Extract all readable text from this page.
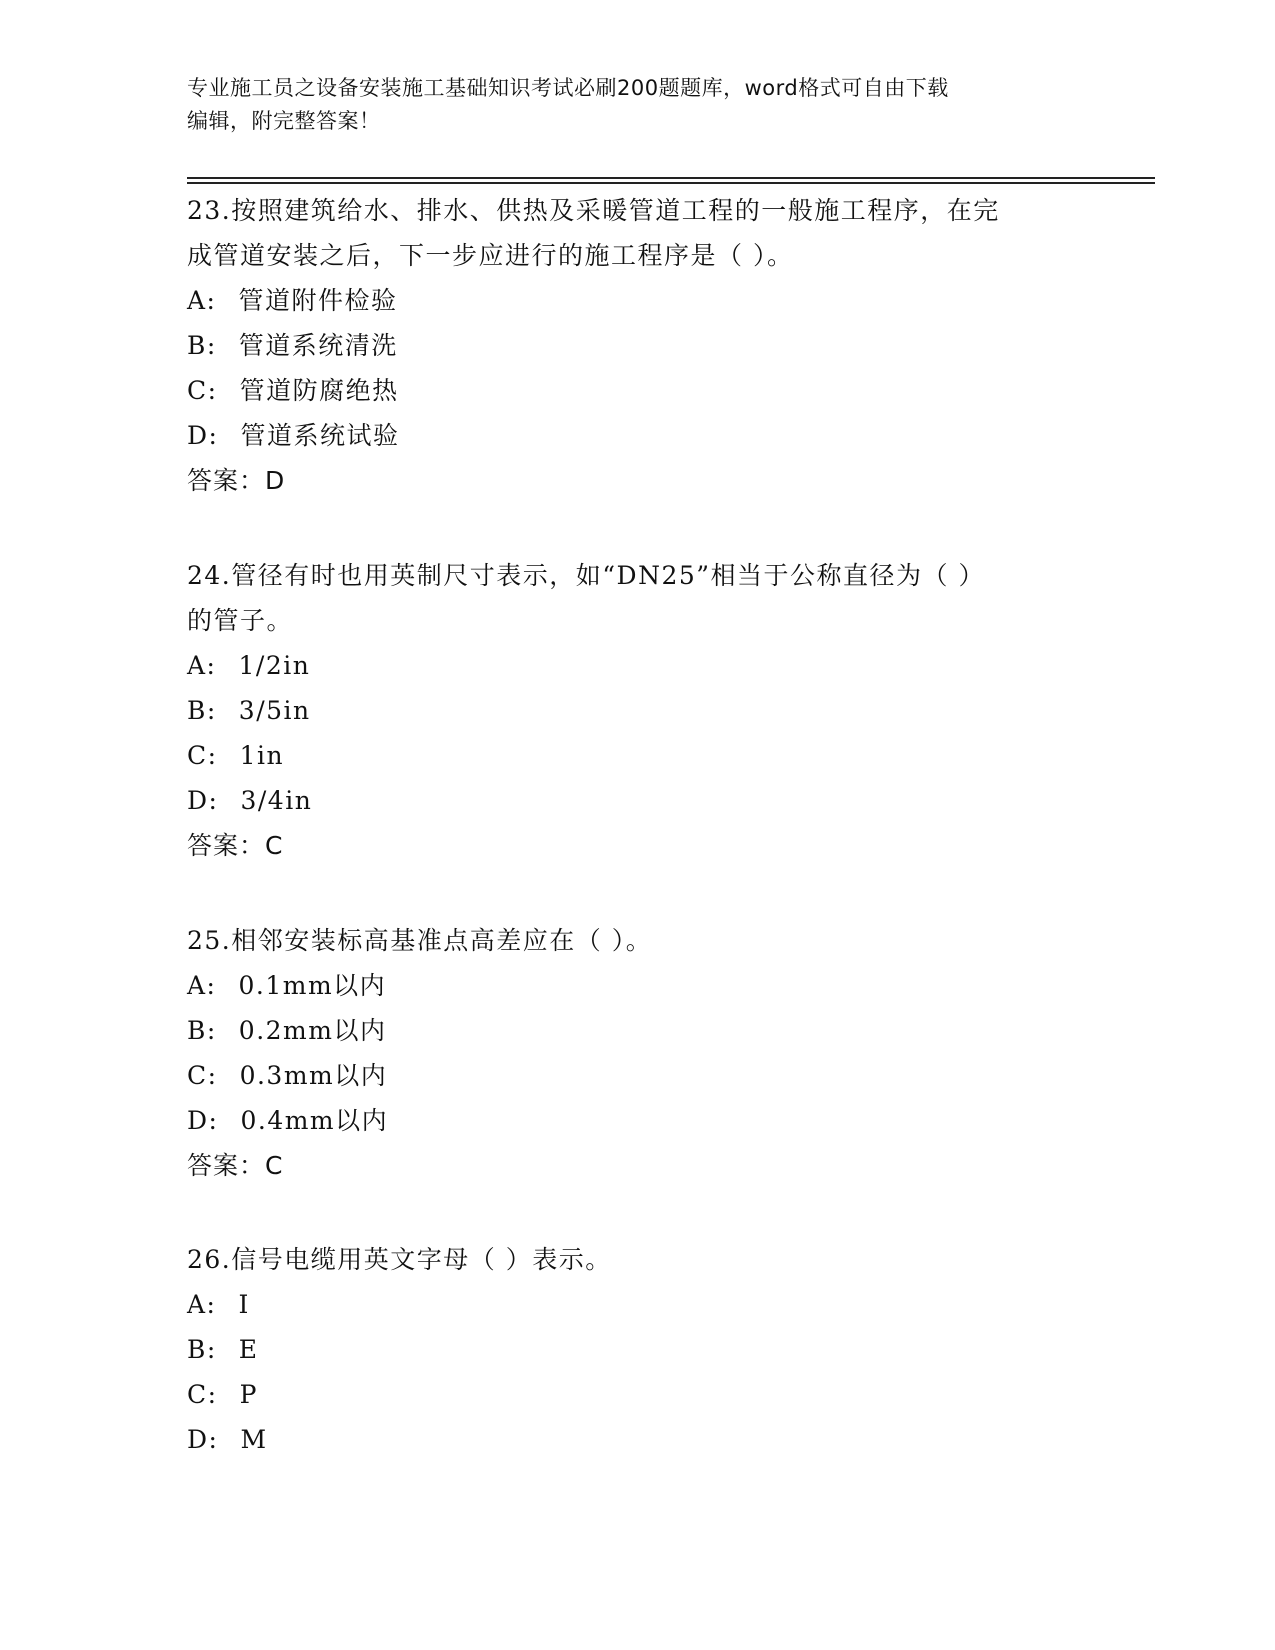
专业施工员之设备安装施工基础知识考试必刷200题题库，word格式可自由下载
编辑，附完整答案！
23.按照建筑给水、排水、供热及采暖管道工程的一般施工程序，在完
成管道安装之后，下一步应进行的施工程序是（ ）。
A: 管道附件检验
B: 管道系统清洗
C: 管道防腐绝热
D: 管道系统试验
答案：D
24.管径有时也用英制尺寸表示，如“DN25”相当于公称直径为（ ）
的管子。
A: 1/2in
B: 3/5in
C: 1in
D: 3/4in
答案：C
25.相邻安装标高基准点高差应在（ ）。
A: 0.1mm以内
B: 0.2mm以内
C: 0.3mm以内
D: 0.4mm以内
答案：C
26.信号电缆用英文字母（ ）表示。
A: I
B: E
C: P
D: M
